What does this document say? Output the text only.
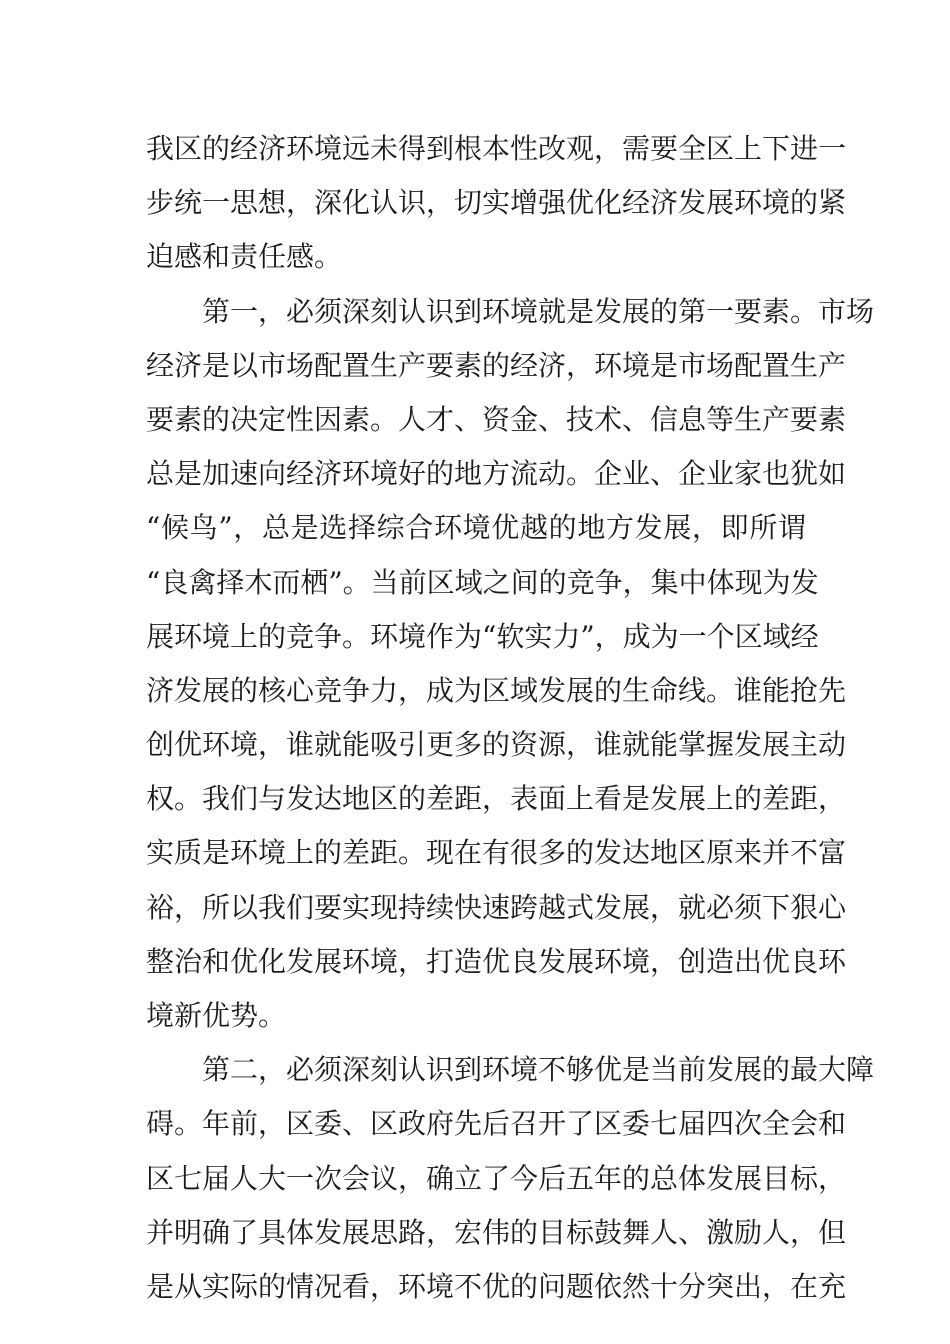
我区的经济环境远未得到根本性改观，需要全区上下进一
步统一思想，深化认识，切实增强优化经济发展环境的紧
迫感和责任感。
　　第一，必须深刻认识到环境就是发展的第一要素。市场
经济是以市场配置生产要素的经济，环境是市场配置生产
要素的决定性因素。人才、资金、技术、信息等生产要素
总是加速向经济环境好的地方流动。企业、企业家也犹如
“候鸟”，总是选择综合环境优越的地方发展，即所谓
“良禽择木而栖”。当前区域之间的竞争，集中体现为发
展环境上的竞争。环境作为“软实力”，成为一个区域经
济发展的核心竞争力，成为区域发展的生命线。谁能抢先
创优环境，谁就能吸引更多的资源，谁就能掌握发展主动
权。我们与发达地区的差距，表面上看是发展上的差距，
实质是环境上的差距。现在有很多的发达地区原来并不富
裕，所以我们要实现持续快速跨越式发展，就必须下狠心
整治和优化发展环境，打造优良发展环境，创造出优良环
境新优势。
　　第二，必须深刻认识到环境不够优是当前发展的最大障
碍。年前，区委、区政府先后召开了区委七届四次全会和
区七届人大一次会议，确立了今后五年的总体发展目标，
并明确了具体发展思路，宏伟的目标鼓舞人、激励人，但
是从实际的情况看，环境不优的问题依然十分突出，在充
